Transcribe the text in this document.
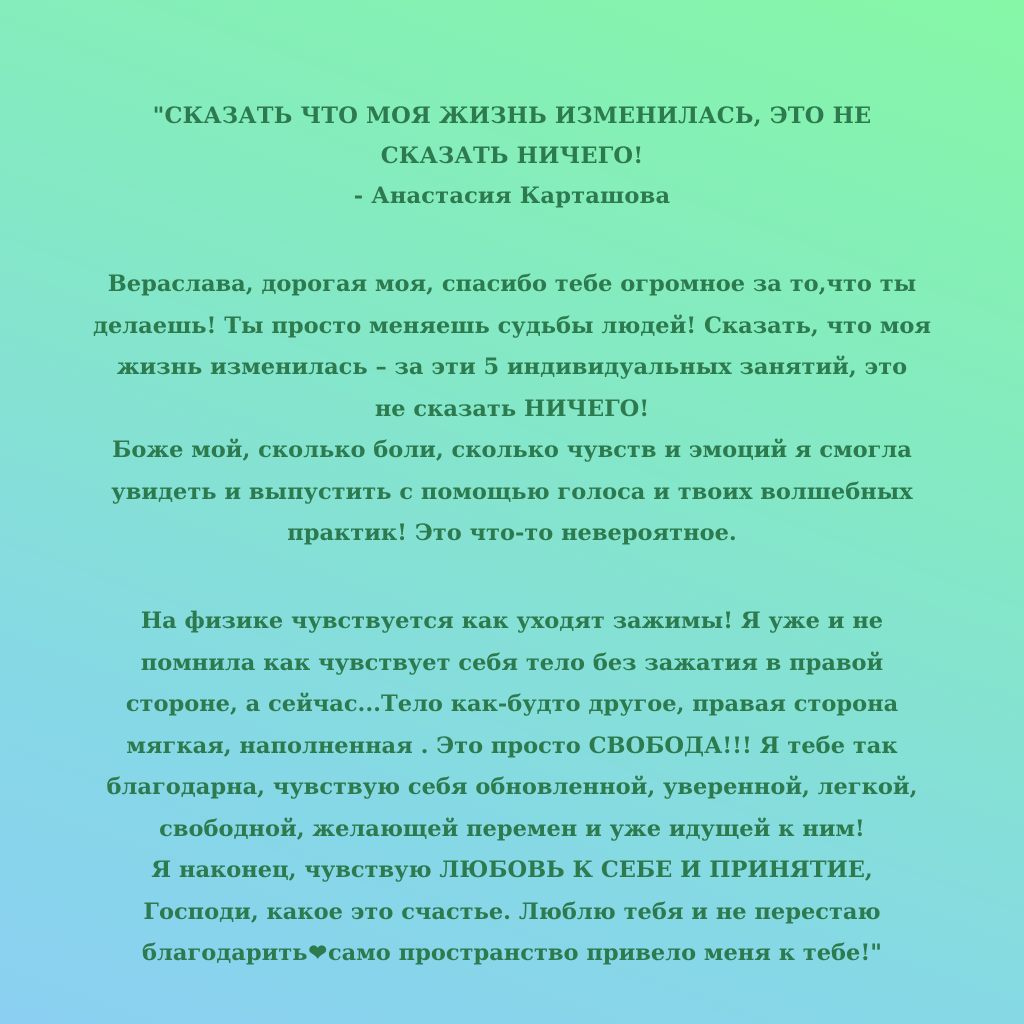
"СКАЗАТЬ ЧТО МОЯ ЖИЗНЬ ИЗМЕНИЛАСЬ, ЭТО НЕ
СКАЗАТЬ НИЧЕГО!
- Анастасия Карташова
Вераслава, дорогая моя, спасибо тебе огромное за то,что ты
делаешь! Ты просто меняешь судьбы людей! Сказать, что моя
жизнь изменилась – за эти 5 индивидуальных занятий, это
не сказать НИЧЕГО!
Боже мой, сколько боли, сколько чувств и эмоций я смогла
увидеть и выпустить с помощью голоса и твоих волшебных
практик! Это что-то невероятное.
На физике чувствуется как уходят зажимы! Я уже и не
помнила как чувствует себя тело без зажатия в правой
стороне, а сейчас...Тело как-будто другое, правая сторона
мягкая, наполненная . Это просто СВОБОДА!!! Я тебе так
благодарна, чувствую себя обновленной, уверенной, легкой,
свободной, желающей перемен и уже идущей к ним!
Я наконец, чувствую ЛЮБОВЬ К СЕБЕ И ПРИНЯТИЕ,
Господи, какое это счастье. Люблю тебя и не перестаю
благодарить❤само пространство привело меня к тебе!"
